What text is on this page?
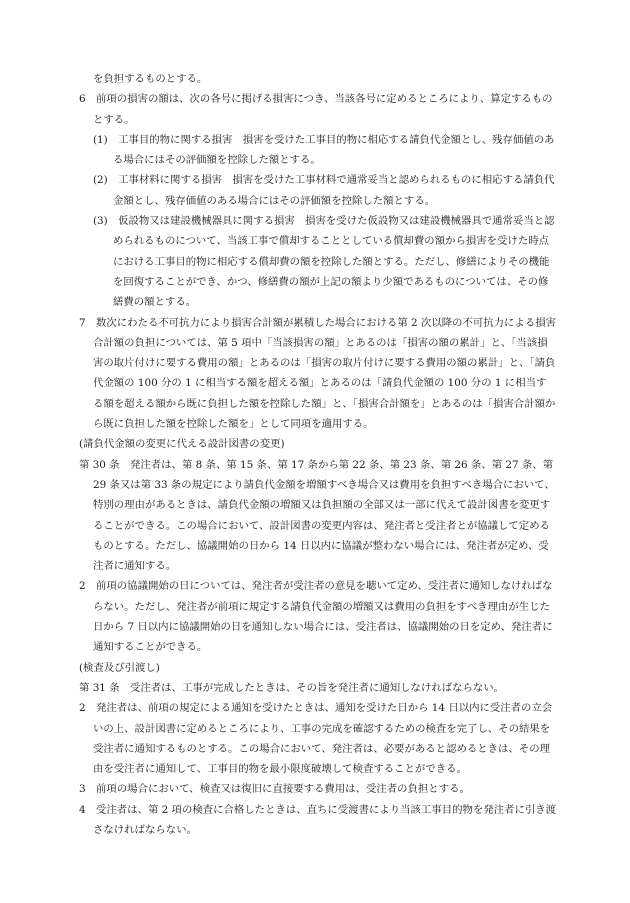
を負担するものとする。

6　前項の損害の額は、次の各号に掲げる損害につき、当該各号に定めるところにより、算定するものとする。

(1)　工事目的物に関する損害　損害を受けた工事目的物に相応する請負代金額とし、残存価値のある場合にはその評価額を控除した額とする。

(2)　工事材料に関する損害　損害を受けた工事材料で通常妥当と認められるものに相応する請負代金額とし、残存価値のある場合にはその評価額を控除した額とする。

(3)　仮設物又は建設機械器具に関する損害　損害を受けた仮設物又は建設機械器具で通常妥当と認められるものについて、当該工事で償却することとしている償却費の額から損害を受けた時点における工事目的物に相応する償却費の額を控除した額とする。ただし、修繕によりその機能を回復することができ、かつ、修繕費の額が上記の額より少額であるものについては、その修繕費の額とする。

7　数次にわたる不可抗力により損害合計額が累積した場合における第 2 次以降の不可抗力による損害合計額の負担については、第 5 項中「当該損害の額」とあるのは「損害の額の累計」と、「当該損害の取片付けに要する費用の額」とあるのは「損害の取片付けに要する費用の額の累計」と、「請負代金額の 100 分の 1 に相当する額を超える額」とあるのは「請負代金額の 100 分の 1 に相当する額を超える額から既に負担した額を控除した額」と、「損害合計額を」とあるのは「損害合計額から既に負担した額を控除した額を」として同項を適用する。

(請負代金額の変更に代える設計図書の変更)

第 30 条　発注者は、第 8 条、第 15 条、第 17 条から第 22 条、第 23 条、第 26 条、第 27 条、第 29 条又は第 33 条の規定により請負代金額を増額すべき場合又は費用を負担すべき場合において、特別の理由があるときは、請負代金額の増額又は負担額の全部又は一部に代えて設計図書を変更することができる。この場合において、設計図書の変更内容は、発注者と受注者とが協議して定めるものとする。ただし、協議開始の日から 14 日以内に協議が整わない場合には、発注者が定め、受注者に通知する。

2　前項の協議開始の日については、発注者が受注者の意見を聴いて定め、受注者に通知しなければならない。ただし、発注者が前項に規定する請負代金額の増額又は費用の負担をすべき理由が生じた日から 7 日以内に協議開始の日を通知しない場合には、受注者は、協議開始の日を定め、発注者に通知することができる。

(検査及び引渡し)

第 31 条　受注者は、工事が完成したときは、その旨を発注者に通知しなければならない。

2　発注者は、前項の規定による通知を受けたときは、通知を受けた日から 14 日以内に受注者の立会いの上、設計図書に定めるところにより、工事の完成を確認するための検査を完了し、その結果を受注者に通知するものとする。この場合において、発注者は、必要があると認めるときは、その理由を受注者に通知して、工事目的物を最小限度破壊して検査することができる。

3　前項の場合において、検査又は復旧に直接要する費用は、受注者の負担とする。

4　受注者は、第 2 項の検査に合格したときは、直ちに受渡書により当該工事目的物を発注者に引き渡さなければならない。
